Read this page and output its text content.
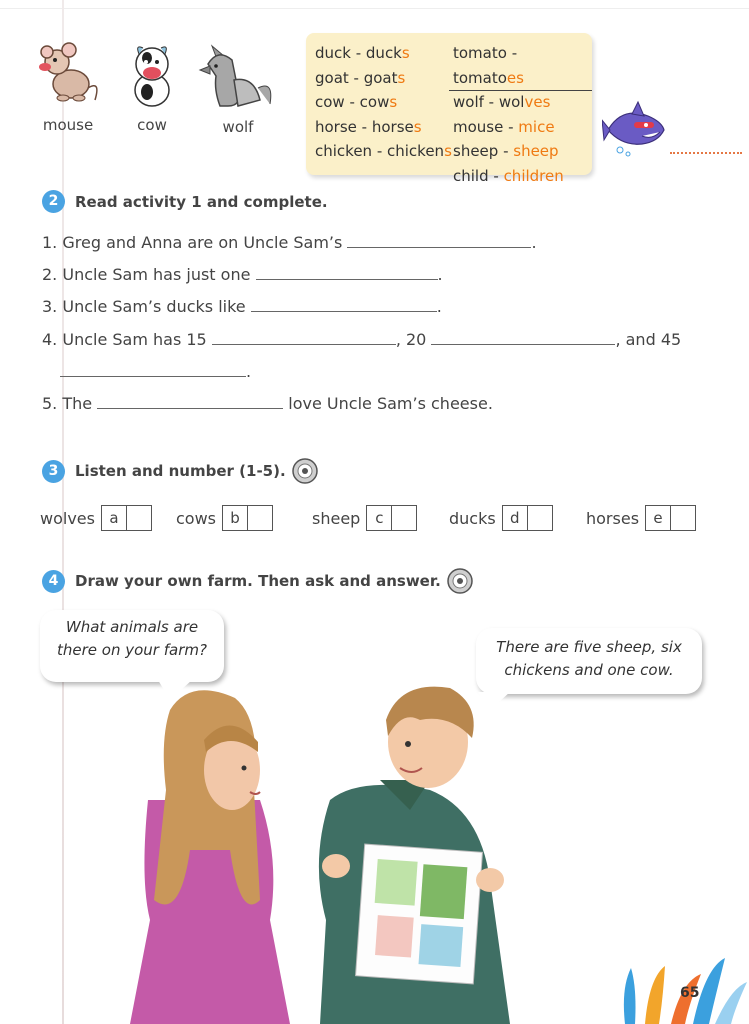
mouse	cow	wolf
duck - ducks
goat - goats
cow - cows
horse - horses
chicken - chickens
tomato - tomatoes
wolf - wolves
mouse - mice
sheep - sheep
child - children
2	Read activity 1 and complete.
1. Greg and Anna are on Uncle Sam’s	.
2. Uncle Sam has just one	.
3. Uncle Sam’s ducks like	.
4. Uncle Sam has 15	, 20	, and 45
.
5. The	love Uncle Sam’s cheese.
3	Listen and number (1-5).
wolves a	cows b	sheep c	ducks d	horses e
4	Draw your own farm. Then ask and answer.
What animals are
there on your farm?	There are five sheep, six
chickens and one cow.
65
